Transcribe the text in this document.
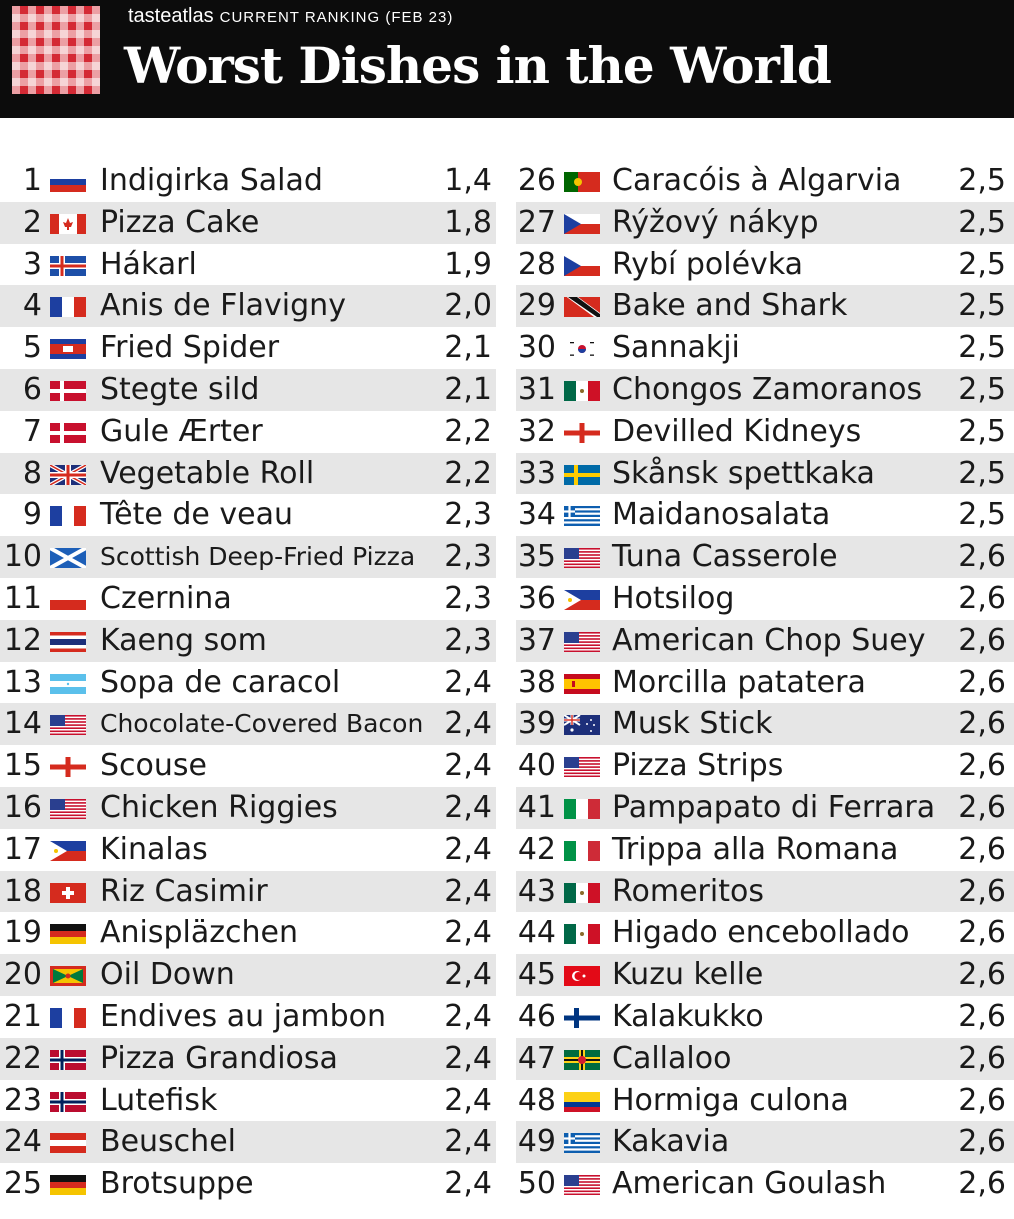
tasteatlas CURRENT RANKING (FEB 23)
Worst Dishes in the World
1 Indigirka Salad	1,4 26 Caracóis à Algarvia 2,5
2 Pizza Cake	1,8 27 Rýžový nákyp	2,5
3 Hákarl	1,9 28 Rybí polévka	2,5
4 Anis de Flavigny	2,0 29 Bake and Shark	2,5
5 Fried Spider	2,1 30 Sannakji	2,5
6 Stegte sild	2,1 31 Chongos Zamoranos 2,5
7 Gule Ærter	2,2 32 Devilled Kidneys	2,5
8 Vegetable Roll	2,2 33 Skånsk spettkaka	2,5
9 Tête de veau	2,3 34 Maidanosalata	2,5
10 Scottish Deep-Fried Pizza 2,3 35 Tuna Casserole	2,6
11 Czernina	2,3 36 Hotsilog	2,6
12 Kaeng som	2,3 37 American Chop Suey 2,6
13 Sopa de caracol	2,4 38 Morcilla patatera	2,6
14 Chocolate-Covered Bacon 2,4 39 Musk Stick	2,6
15 Scouse	2,4 40 Pizza Strips	2,6
16 Chicken Riggies	2,4 41 Pampapato di Ferrara 2,6
17 Kinalas	2,4 42 Trippa alla Romana 2,6
18 Riz Casimir	2,4 43 Romeritos	2,6
19 Anispläzchen	2,4 44 Higado encebollado 2,6
20 Oil Down	2,4 45 Kuzu kelle	2,6
21 Endives au jambon 2,4 46 Kalakukko	2,6
22 Pizza Grandiosa	2,4 47 Callaloo	2,6
23 Lutefisk	2,4 48 Hormiga culona	2,6
24 Beuschel	2,4 49 Kakavia	2,6
25 Brotsuppe	2,4 50 American Goulash 2,6
